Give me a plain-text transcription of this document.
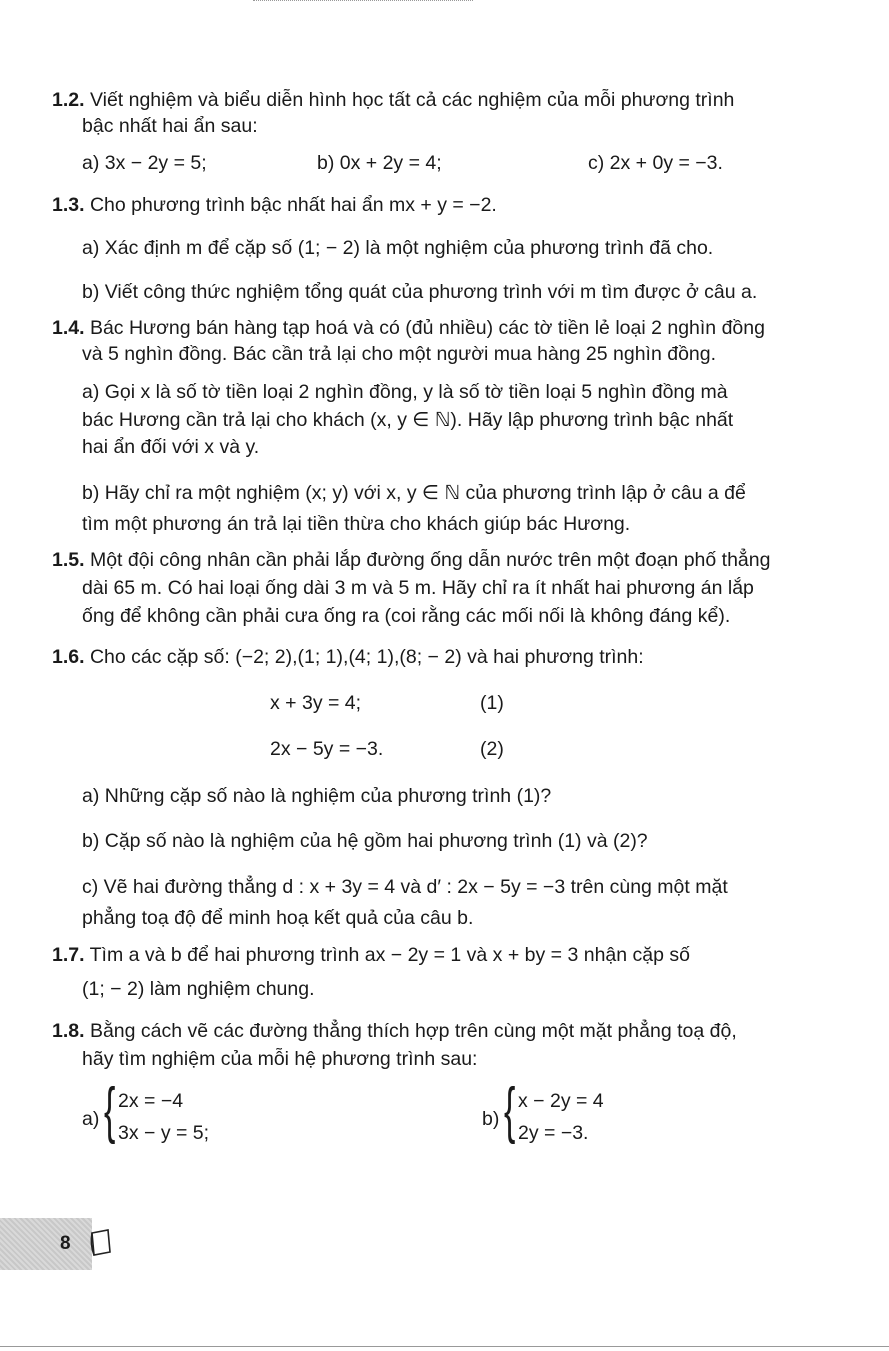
1.2. Viết nghiệm và biểu diễn hình học tất cả các nghiệm của mỗi phương trình
bậc nhất hai ẩn sau:
a) 3x − 2y = 5;	b) 0x + 2y = 4;	c) 2x + 0y = −3.
1.3. Cho phương trình bậc nhất hai ẩn mx + y = −2.
a) Xác định m để cặp số (1; − 2) là một nghiệm của phương trình đã cho.
b) Viết công thức nghiệm tổng quát của phương trình với m tìm được ở câu a.
1.4. Bác Hương bán hàng tạp hoá và có (đủ nhiều) các tờ tiền lẻ loại 2 nghìn đồng
và 5 nghìn đồng. Bác cần trả lại cho một người mua hàng 25 nghìn đồng.
a) Gọi x là số tờ tiền loại 2 nghìn đồng, y là số tờ tiền loại 5 nghìn đồng mà
bác Hương cần trả lại cho khách (x, y ∈ ℕ). Hãy lập phương trình bậc nhất
hai ẩn đối với x và y.
b) Hãy chỉ ra một nghiệm (x; y) với x, y ∈ ℕ của phương trình lập ở câu a để
tìm một phương án trả lại tiền thừa cho khách giúp bác Hương.
1.5. Một đội công nhân cần phải lắp đường ống dẫn nước trên một đoạn phố thẳng
dài 65 m. Có hai loại ống dài 3 m và 5 m. Hãy chỉ ra ít nhất hai phương án lắp
ống để không cần phải cưa ống ra (coi rằng các mối nối là không đáng kể).
1.6. Cho các cặp số: (−2; 2),(1; 1),(4; 1),(8; − 2) và hai phương trình:
x + 3y = 4;	(1)
2x − 5y = −3.	(2)
a) Những cặp số nào là nghiệm của phương trình (1)?
b) Cặp số nào là nghiệm của hệ gồm hai phương trình (1) và (2)?
c) Vẽ hai đường thẳng d : x + 3y = 4 và d′ : 2x − 5y = −3 trên cùng một mặt
phẳng toạ độ để minh hoạ kết quả của câu b.
1.7. Tìm a và b để hai phương trình ax − 2y = 1 và x + by = 3 nhận cặp số
(1; − 2) làm nghiệm chung.
1.8. Bằng cách vẽ các đường thẳng thích hợp trên cùng một mặt phẳng toạ độ,
hãy tìm nghiệm của mỗi hệ phương trình sau:
a) { 2x = −4
3x − y = 5;
b) { x − 2y = 4
2y = −3.
8
